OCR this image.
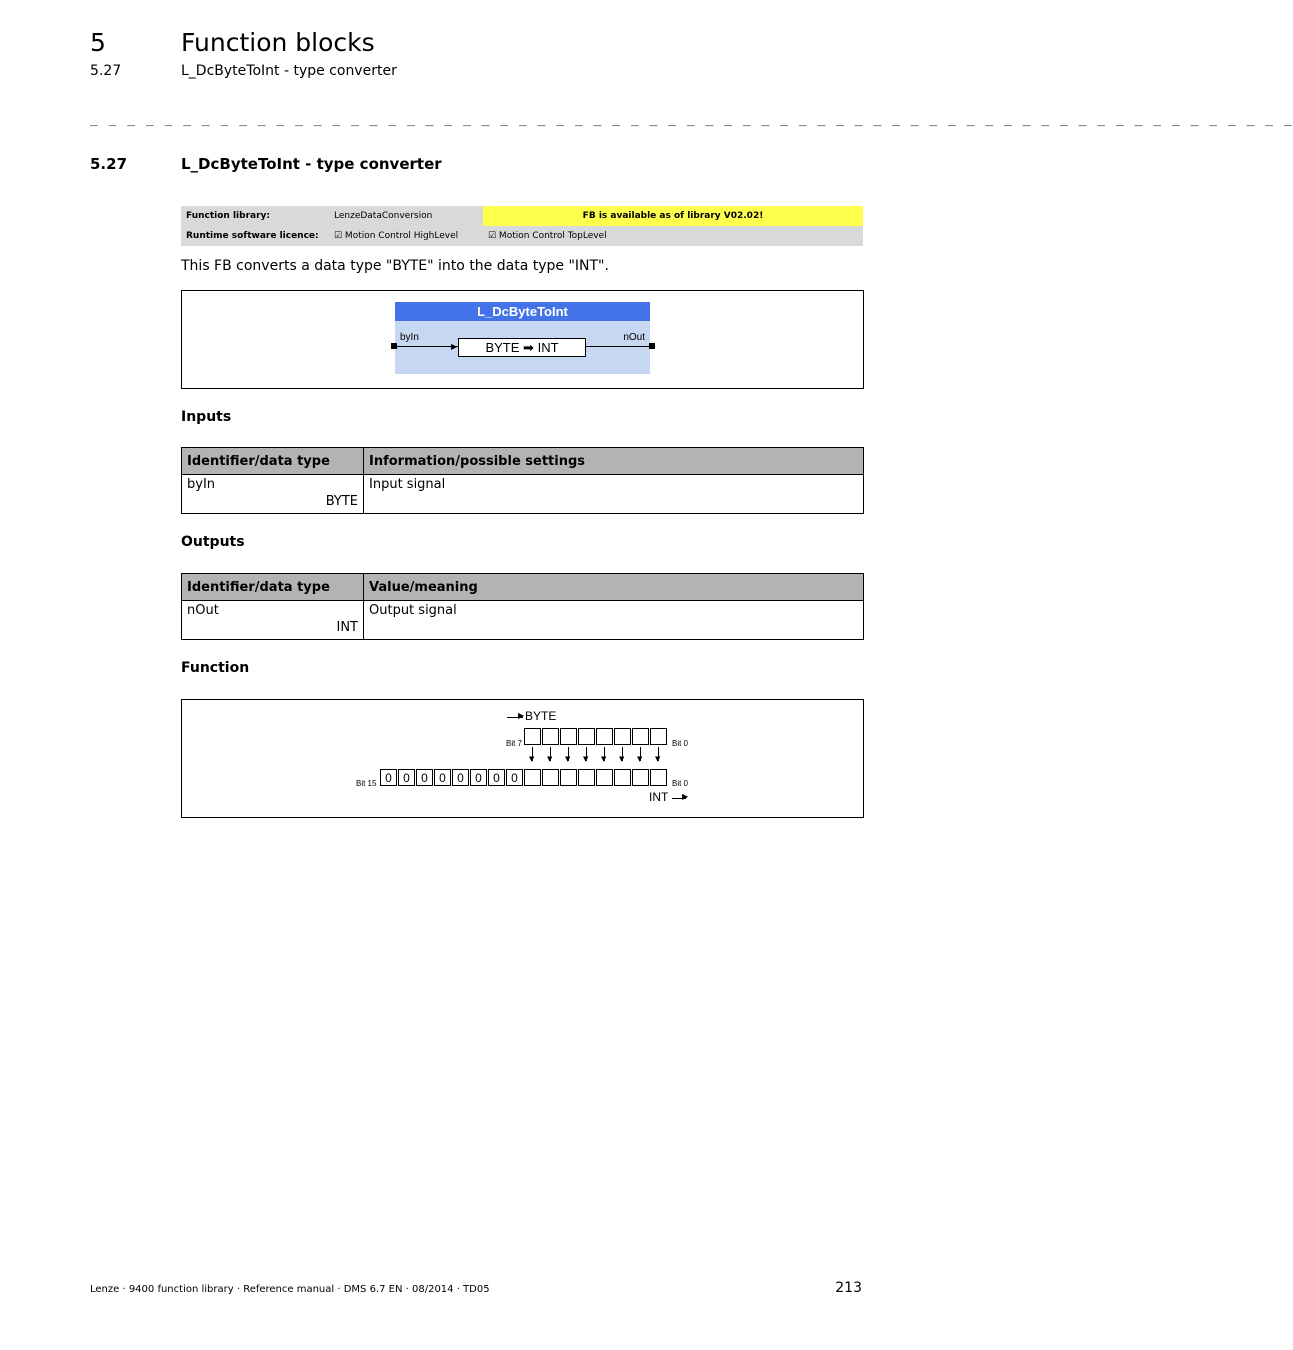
5	Function blocks
5.27	L_DcByteToInt - type converter
_ _ _ _ _ _ _ _ _ _ _ _ _ _ _ _ _ _ _ _ _ _ _ _ _ _ _ _ _ _ _ _ _ _ _ _ _ _ _ _ _ _ _ _ _ _ _ _ _ _ _ _ _ _ _ _ _ _ _ _ _ _ _ _ _
5.27	L_DcByteToInt - type converter
Function library:	LenzeDataConversion	FB is available as of library V02.02!
Runtime software licence:	☑ Motion Control HighLevel	☑ Motion Control TopLevel
This FB converts a data type "BYTE" into the data type "INT".
L_DcByteToInt
byIn	nOut
▶	BYTE ➡ INT
Inputs
Identifier/data type	Information/possible settings

byIn
BYTE	Input signal
Outputs
Identifier/data type	Value/meaning

nOut
INT	Output signal
Function
▶ BYTE
Bit 7	Bit 0
▼ ▼ ▼ ▼ ▼ ▼ ▼ ▼
Bit 15	Bit 0
0 0 0 0 0 0 0 0
INT ▶
Lenze · 9400 function library · Reference manual · DMS 6.7 EN · 08/2014 · TD05	213
